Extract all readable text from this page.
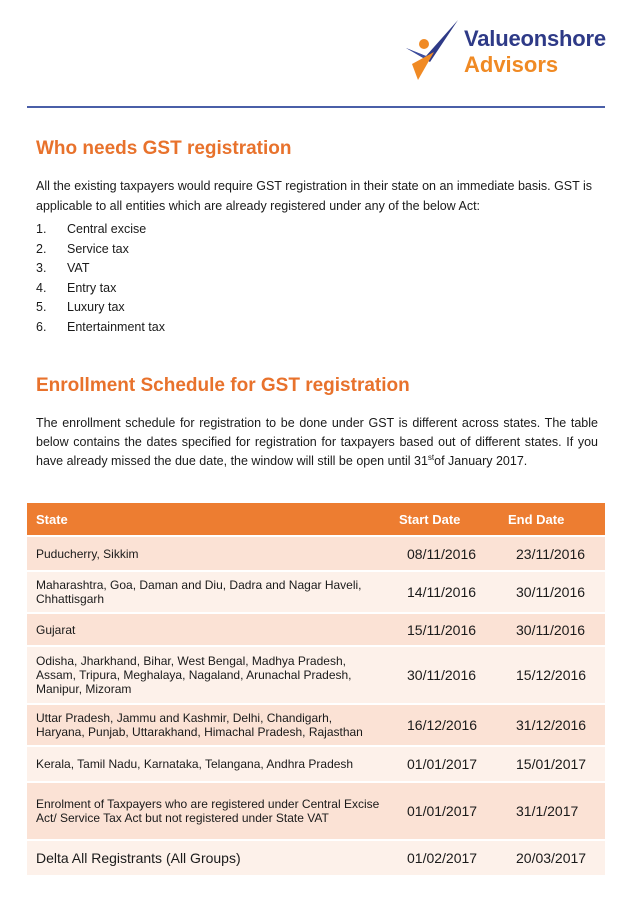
Valueonshore
Advisors
Who needs GST registration
All the existing taxpayers would require GST registration in their state on an immediate basis. GST is applicable to all entities which are already registered under any of the below Act:
1.	Central excise
2.	Service tax
3.	VAT
4.	Entry tax
5.	Luxury tax
6.	Entertainment tax
Enrollment Schedule for GST registration
The enrollment schedule for registration to be done under GST is different across states. The table below contains the dates specified for registration for taxpayers based out of different states. If you have already missed the due date, the window will still be open until 31stof January 2017.
State	Start Date	End Date
Puducherry, Sikkim	08/11/2016	23/11/2016
Maharashtra, Goa, Daman and Diu, Dadra and Nagar Haveli, Chhattisgarh	14/11/2016	30/11/2016
Gujarat	15/11/2016	30/11/2016
Odisha, Jharkhand, Bihar, West Bengal, Madhya Pradesh, Assam, Tripura, Meghalaya, Nagaland, Arunachal Pradesh, Manipur, Mizoram	30/11/2016	15/12/2016
Uttar Pradesh, Jammu and Kashmir, Delhi, Chandigarh, Haryana, Punjab, Uttarakhand, Himachal Pradesh, Rajasthan	16/12/2016	31/12/2016
Kerala, Tamil Nadu, Karnataka, Telangana, Andhra Pradesh	01/01/2017	15/01/2017
Enrolment of Taxpayers who are registered under Central Excise Act/ Service Tax Act but not registered under State VAT	01/01/2017	31/1/2017
Delta All Registrants (All Groups)	01/02/2017	20/03/2017
